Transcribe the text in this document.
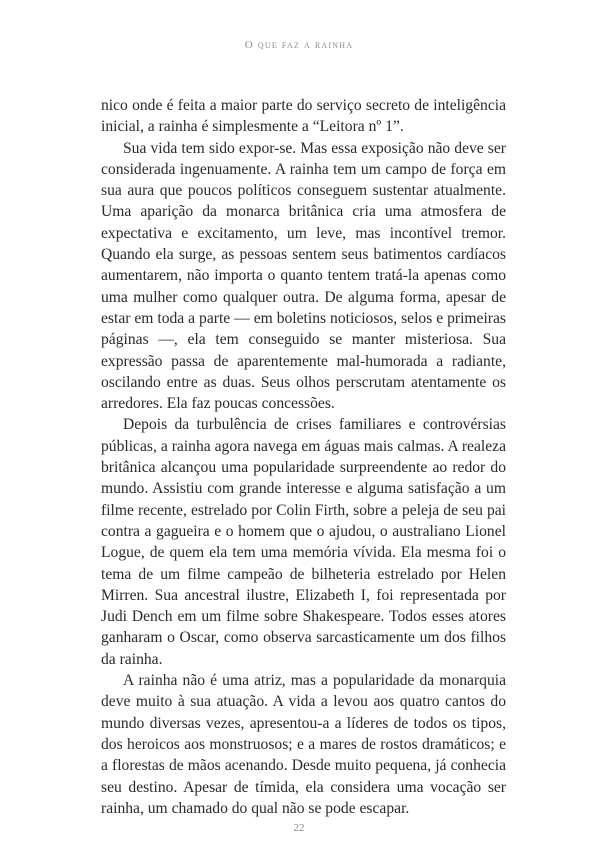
O que faz a rainha

nico onde é feita a maior parte do serviço secreto de inteligência inicial, a rainha é simplesmente a “Leitora nº 1”.

Sua vida tem sido expor-se. Mas essa exposição não deve ser considerada ingenuamente. A rainha tem um campo de força em sua aura que poucos políticos conseguem sustentar atualmente. Uma aparição da monarca britânica cria uma atmosfera de expectativa e excitamento, um leve, mas incontível tremor. Quando ela surge, as pessoas sentem seus batimentos cardíacos aumentarem, não importa o quanto tentem tratá-la apenas como uma mulher como qualquer outra. De alguma forma, apesar de estar em toda a parte — em boletins noticiosos, selos e primeiras páginas —, ela tem conseguido se manter misteriosa. Sua expressão passa de aparentemente mal-humorada a radiante, oscilando entre as duas. Seus olhos perscrutam atentamente os arredores. Ela faz poucas concessões.

Depois da turbulência de crises familiares e controvérsias públicas, a rainha agora navega em águas mais calmas. A realeza britânica alcançou uma popularidade surpreendente ao redor do mundo. Assistiu com grande interesse e alguma satisfação a um filme recente, estrelado por Colin Firth, sobre a peleja de seu pai contra a gagueira e o homem que o ajudou, o australiano Lionel Logue, de quem ela tem uma memória vívida. Ela mesma foi o tema de um filme campeão de bilheteria estrelado por Helen Mirren. Sua ancestral ilustre, Elizabeth I, foi representada por Judi Dench em um filme sobre Shakespeare. Todos esses atores ganharam o Oscar, como observa sarcasticamente um dos filhos da rainha.

A rainha não é uma atriz, mas a popularidade da monarquia deve muito à sua atuação. A vida a levou aos quatro cantos do mundo diversas vezes, apresentou-a a líderes de todos os tipos, dos heroicos aos monstruosos; e a mares de rostos dramáticos; e a florestas de mãos acenando. Desde muito pequena, já conhecia seu destino. Apesar de tímida, ela considera uma vocação ser rainha, um chamado do qual não se pode escapar.

22
